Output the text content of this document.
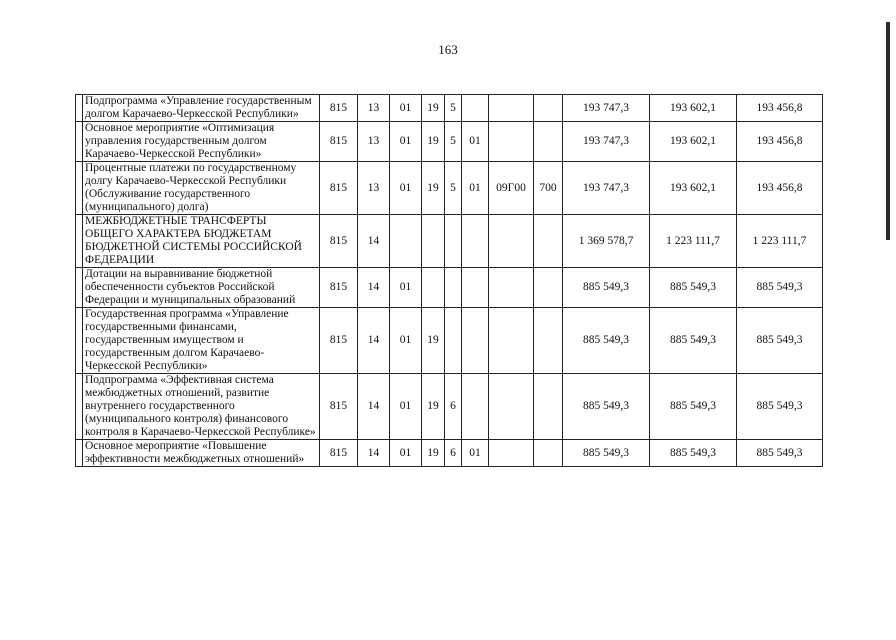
163
	Подпрограмма «Управление государственным долгом Карачаево-Черкесской Республики»	815	13	01	19	5				193 747,3	193 602,1	193 456,8
	Основное мероприятие «Оптимизация управления государственным долгом Карачаево-Черкесской Республики»	815	13	01	19	5	01			193 747,3	193 602,1	193 456,8
	Процентные платежи по государственному долгу Карачаево-Черкесской Республики (Обслуживание государственного (муниципального) долга)	815	13	01	19	5	01	09Г00	700	193 747,3	193 602,1	193 456,8
	МЕЖБЮДЖЕТНЫЕ ТРАНСФЕРТЫ ОБЩЕГО ХАРАКТЕРА БЮДЖЕТАМ БЮДЖЕТНОЙ СИСТЕМЫ РОССИЙСКОЙ ФЕДЕРАЦИИ	815	14							1 369 578,7	1 223 111,7	1 223 111,7
	Дотации на выравнивание бюджетной обеспеченности субъектов Российской Федерации и муниципальных образований	815	14	01						885 549,3	885 549,3	885 549,3
	Государственная программа «Управление государственными финансами, государственным имуществом и государственным долгом Карачаево-Черкесской Республики»	815	14	01	19					885 549,3	885 549,3	885 549,3
	Подпрограмма «Эффективная система межбюджетных отношений, развитие внутреннего государственного (муниципального контроля) финансового контроля в Карачаево-Черкесской Республике»	815	14	01	19	6				885 549,3	885 549,3	885 549,3
	Основное мероприятие «Повышение эффективности межбюджетных отношений»	815	14	01	19	6	01			885 549,3	885 549,3	885 549,3
